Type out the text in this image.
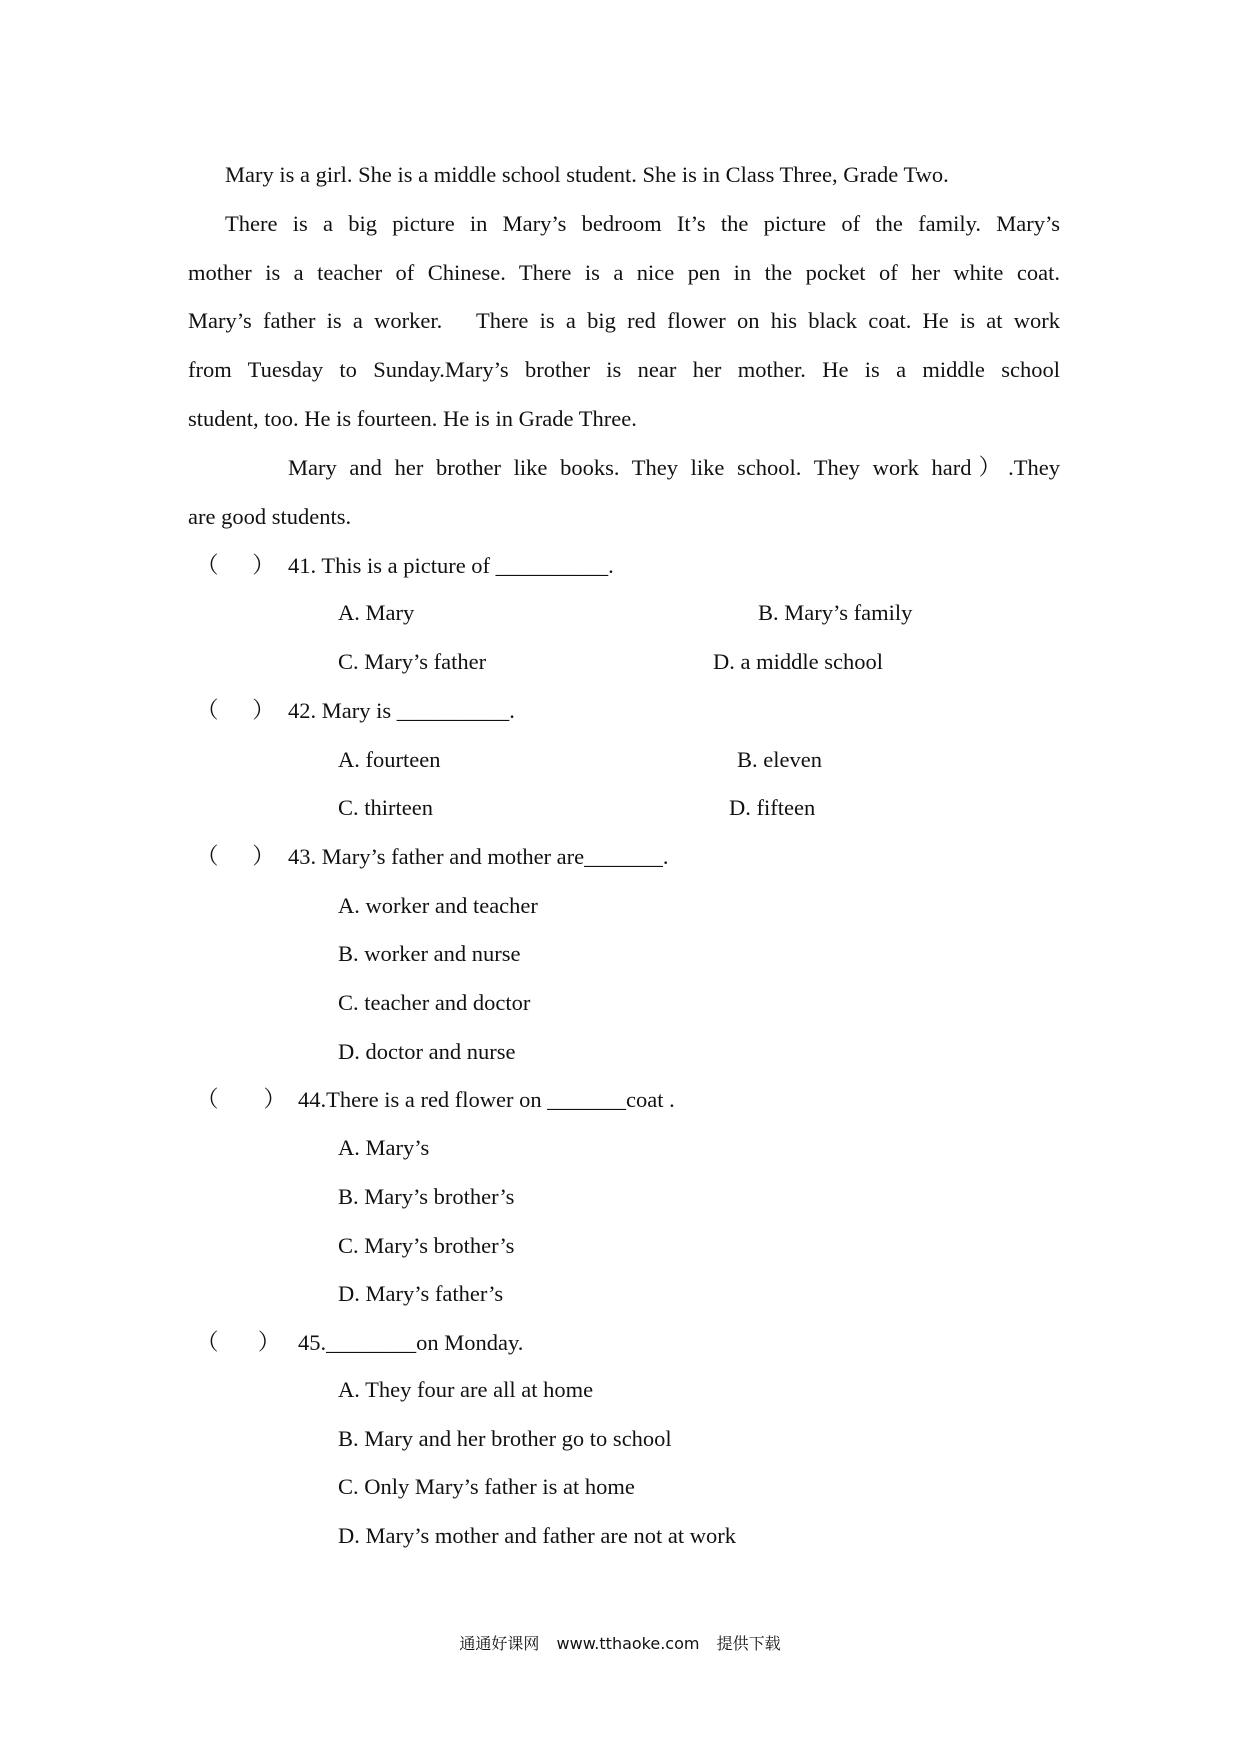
Mary is a girl. She is a middle school student. She is in Class Three, Grade Two.
There is a big picture in Mary’s bedroom It’s the picture of the family. Mary’s
mother is a teacher of Chinese. There is a nice pen in the pocket of her white coat.
Mary’s father is a worker.   There is a big red flower on his black coat. He is at work
from Tuesday to Sunday.Mary’s brother is near her mother. He is a middle school
student, too. He is fourteen. He is in Grade Three.
Mary and her brother like books. They like school. They work hard）.They
are good students.
（      ） 41. This is a picture of __________.
A. Mary	B. Mary’s family
C. Mary’s father	D. a middle school
（      ） 42. Mary is __________.
A. fourteen	B. eleven
C. thirteen	D. fifteen
（      ） 43. Mary’s father and mother are_______.
A. worker and teacher
B. worker and nurse
C. teacher and doctor
D. doctor and nurse
（        ） 44.There is a red flower on _______coat .
A. Mary’s
B. Mary’s brother’s
C. Mary’s brother’s
D. Mary’s father’s
（       ） 45.________on Monday.
A. They four are all at home
B. Mary and her brother go to school
C. Only Mary’s father is at home
D. Mary’s mother and father are not at work
通通好课网 www.tthaoke.com 提供下载
